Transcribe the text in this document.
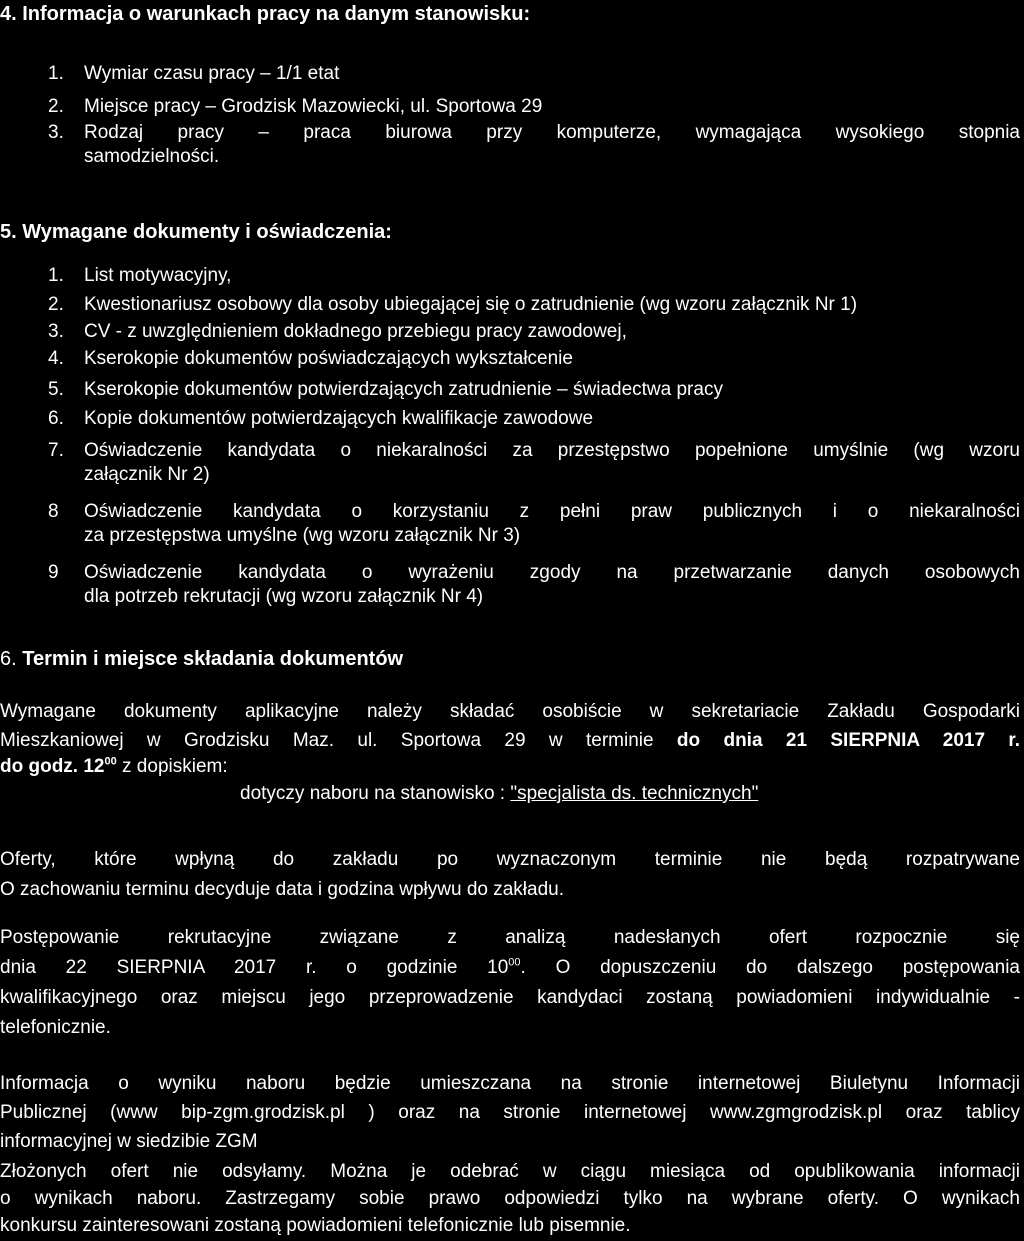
4. Informacja o warunkach pracy na danym stanowisku:
1.	Wymiar czasu pracy – 1/1 etat
2.	Miejsce pracy – Grodzisk Mazowiecki, ul. Sportowa 29
3.	Rodzaj pracy – praca biurowa przy komputerze, wymagająca wysokiego stopnia
samodzielności.
5. Wymagane dokumenty i oświadczenia:
1.	List motywacyjny,
2.	Kwestionariusz osobowy dla osoby ubiegającej się o zatrudnienie (wg wzoru załącznik Nr 1)
3.	CV - z uwzględnieniem dokładnego przebiegu pracy zawodowej,
4.	Kserokopie dokumentów poświadczających wykształcenie
5.	Kserokopie dokumentów potwierdzających zatrudnienie – świadectwa pracy
6.	Kopie dokumentów potwierdzających kwalifikacje zawodowe
7.	Oświadczenie kandydata o niekaralności za przestępstwo popełnione umyślnie (wg wzoru
załącznik Nr 2)
8	Oświadczenie kandydata o korzystaniu z pełni praw publicznych i o niekaralności
za przestępstwa umyślne (wg wzoru załącznik Nr 3)
9	Oświadczenie kandydata o wyrażeniu zgody na przetwarzanie danych osobowych
dla potrzeb rekrutacji (wg wzoru załącznik Nr 4)
6. Termin i miejsce składania dokumentów
Wymagane dokumenty aplikacyjne należy składać osobiście w sekretariacie Zakładu Gospodarki
Mieszkaniowej w Grodzisku Maz. ul. Sportowa 29 w terminie do dnia 21 SIERPNIA 2017 r.
do godz. $12^{00}$ z dopiskiem:
dotyczy naboru na stanowisko : "specjalista ds. technicznych"
Oferty, które wpłyną do zakładu po wyznaczonym terminie nie będą rozpatrywane
O zachowaniu terminu decyduje data i godzina wpływu do zakładu.
Postępowanie rekrutacyjne związane z analizą nadesłanych ofert rozpocznie się
dnia 22 SIERPNIA 2017 r. o godzinie $10^{00}$. O dopuszczeniu do dalszego postępowania
kwalifikacyjnego oraz miejscu jego przeprowadzenie kandydaci zostaną powiadomieni indywidualnie -
telefonicznie.
Informacja o wyniku naboru będzie umieszczana na stronie internetowej Biuletynu Informacji
Publicznej (www bip-zgm.grodzisk.pl ) oraz na stronie internetowej www.zgmgrodzisk.pl oraz tablicy
informacyjnej w siedzibie ZGM
Złożonych ofert nie odsyłamy. Można je odebrać w ciągu miesiąca od opublikowania informacji
o wynikach naboru. Zastrzegamy sobie prawo odpowiedzi tylko na wybrane oferty. O wynikach
konkursu zainteresowani zostaną powiadomieni telefonicznie lub pisemnie.
